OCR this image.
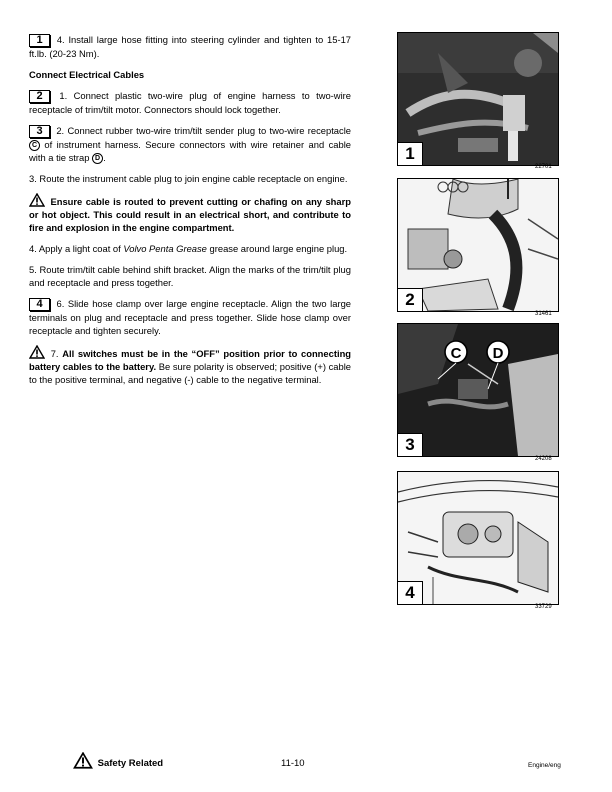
1 4. Install large hose fitting into steering cylinder and tighten to 15-17 ft.lb. (20-23 Nm).

Connect Electrical Cables

2 1. Connect plastic two-wire plug of engine harness to two-wire receptacle of trim/tilt motor. Connectors should lock together.

3 2. Connect rubber two-wire trim/tilt sender plug to two-wire receptacle C of instrument harness. Secure connectors with wire retainer and cable with a tie strap D .

3. Route the instrument cable plug to join engine cable receptacle on engine.

Ensure cable is routed to prevent cutting or chafing on any sharp or hot object. This could result in an electrical short, and contribute to fire and explosion in the engine compartment.

4. Apply a light coat of Volvo Penta Grease grease around large engine plug.

5. Route trim/tilt cable behind shift bracket. Align the marks of the trim/tilt plug and receptacle and press together.

4 6. Slide hose clamp over large engine receptacle. Align the two large terminals on plug and receptacle and press together. Slide hose clamp over receptacle and tighten securely.

7. All switches must be in the “OFF” position prior to connecting battery cables to the battery. Be sure polarity is observed; positive (+) cable to the positive terminal, and negative (-) cable to the negative terminal.

1
22701
2
31461
C D
3
24208
4
33729
Safety Related	11-10	Engine/eng
